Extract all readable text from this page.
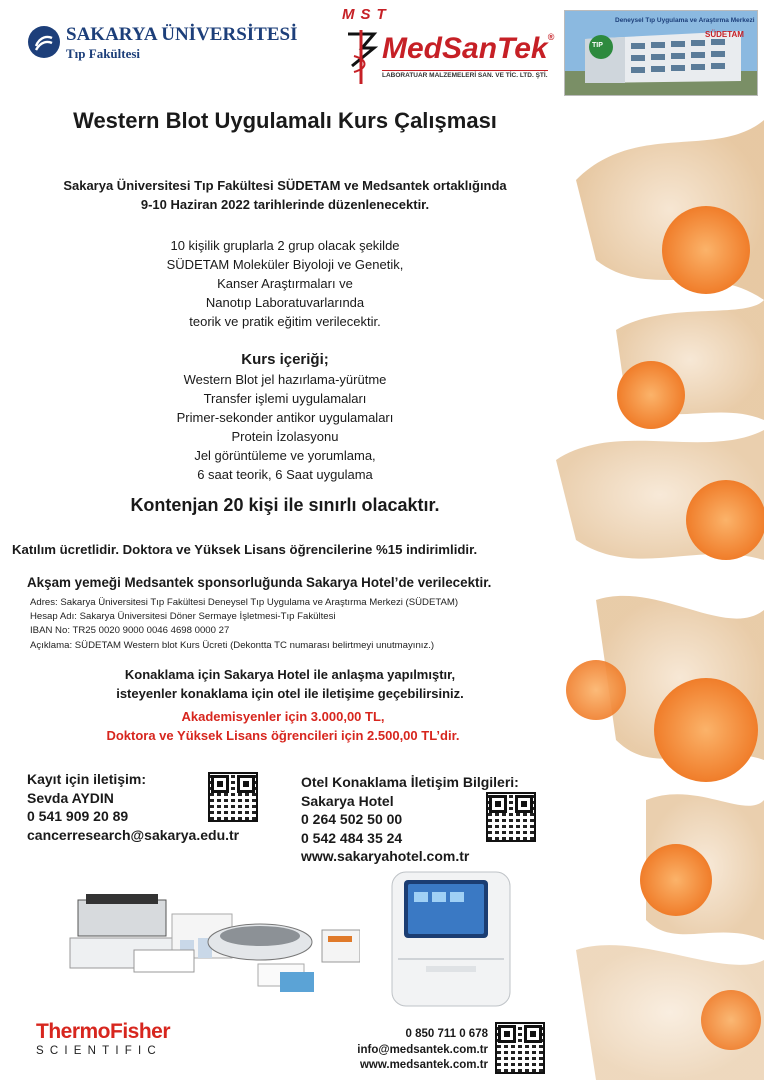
SAKARYA ÜNİVERSİTESİ
Tıp Fakültesi
MST
MedSanTek®
LABORATUAR MALZEMELERİ SAN. VE TİC. LTD. ŞTİ.
Deneysel Tıp Uygulama ve Araştırma Merkezi
TIP
SÜDETAM
Western Blot Uygulamalı Kurs Çalışması
Sakarya Üniversitesi Tıp Fakültesi SÜDETAM ve Medsantek ortaklığında
9-10 Haziran 2022 tarihlerinde düzenlenecektir.
10 kişilik gruplarla 2 grup olacak şekilde
SÜDETAM Moleküler Biyoloji ve Genetik,
Kanser Araştırmaları ve
Nanotıp Laboratuvarlarında
teorik ve pratik eğitim verilecektir.
Kurs içeriği;
Western Blot jel hazırlama-yürütme
Transfer işlemi uygulamaları
Primer-sekonder antikor uygulamaları
Protein İzolasyonu
Jel görüntüleme ve yorumlama,
6 saat teorik, 6 Saat uygulama
Kontenjan 20 kişi ile sınırlı olacaktır.
Katılım ücretlidir. Doktora ve Yüksek Lisans öğrencilerine %15 indirimlidir.
Akşam yemeği Medsantek sponsorluğunda Sakarya Hotel’de verilecektir.
Adres: Sakarya Üniversitesi Tıp Fakültesi Deneysel Tıp Uygulama ve Araştırma Merkezi (SÜDETAM)
Hesap Adı: Sakarya Üniversitesi Döner Sermaye İşletmesi-Tıp Fakültesi
IBAN No: TR25 0020 9000 0046 4698 0000 27
Açıklama: SÜDETAM Western blot Kurs Ücreti (Dekontta TC numarası belirtmeyi unutmayınız.)
Konaklama için Sakarya Hotel ile anlaşma yapılmıştır,
isteyenler konaklama için otel ile iletişime geçebilirsiniz.
Akademisyenler için 3.000,00 TL,
Doktora ve Yüksek Lisans öğrencileri için 2.500,00 TL’dir.
Kayıt için iletişim:
Sevda AYDIN
0 541 909 20 89
cancerresearch@sakarya.edu.tr
Otel Konaklama İletişim Bilgileri:
Sakarya Hotel
0 264 502 50 00
0 542 484 35 24
www.sakaryahotel.com.tr
ThermoFisher
SCIENTIFIC
0 850 711 0 678
info@medsantek.com.tr
www.medsantek.com.tr
